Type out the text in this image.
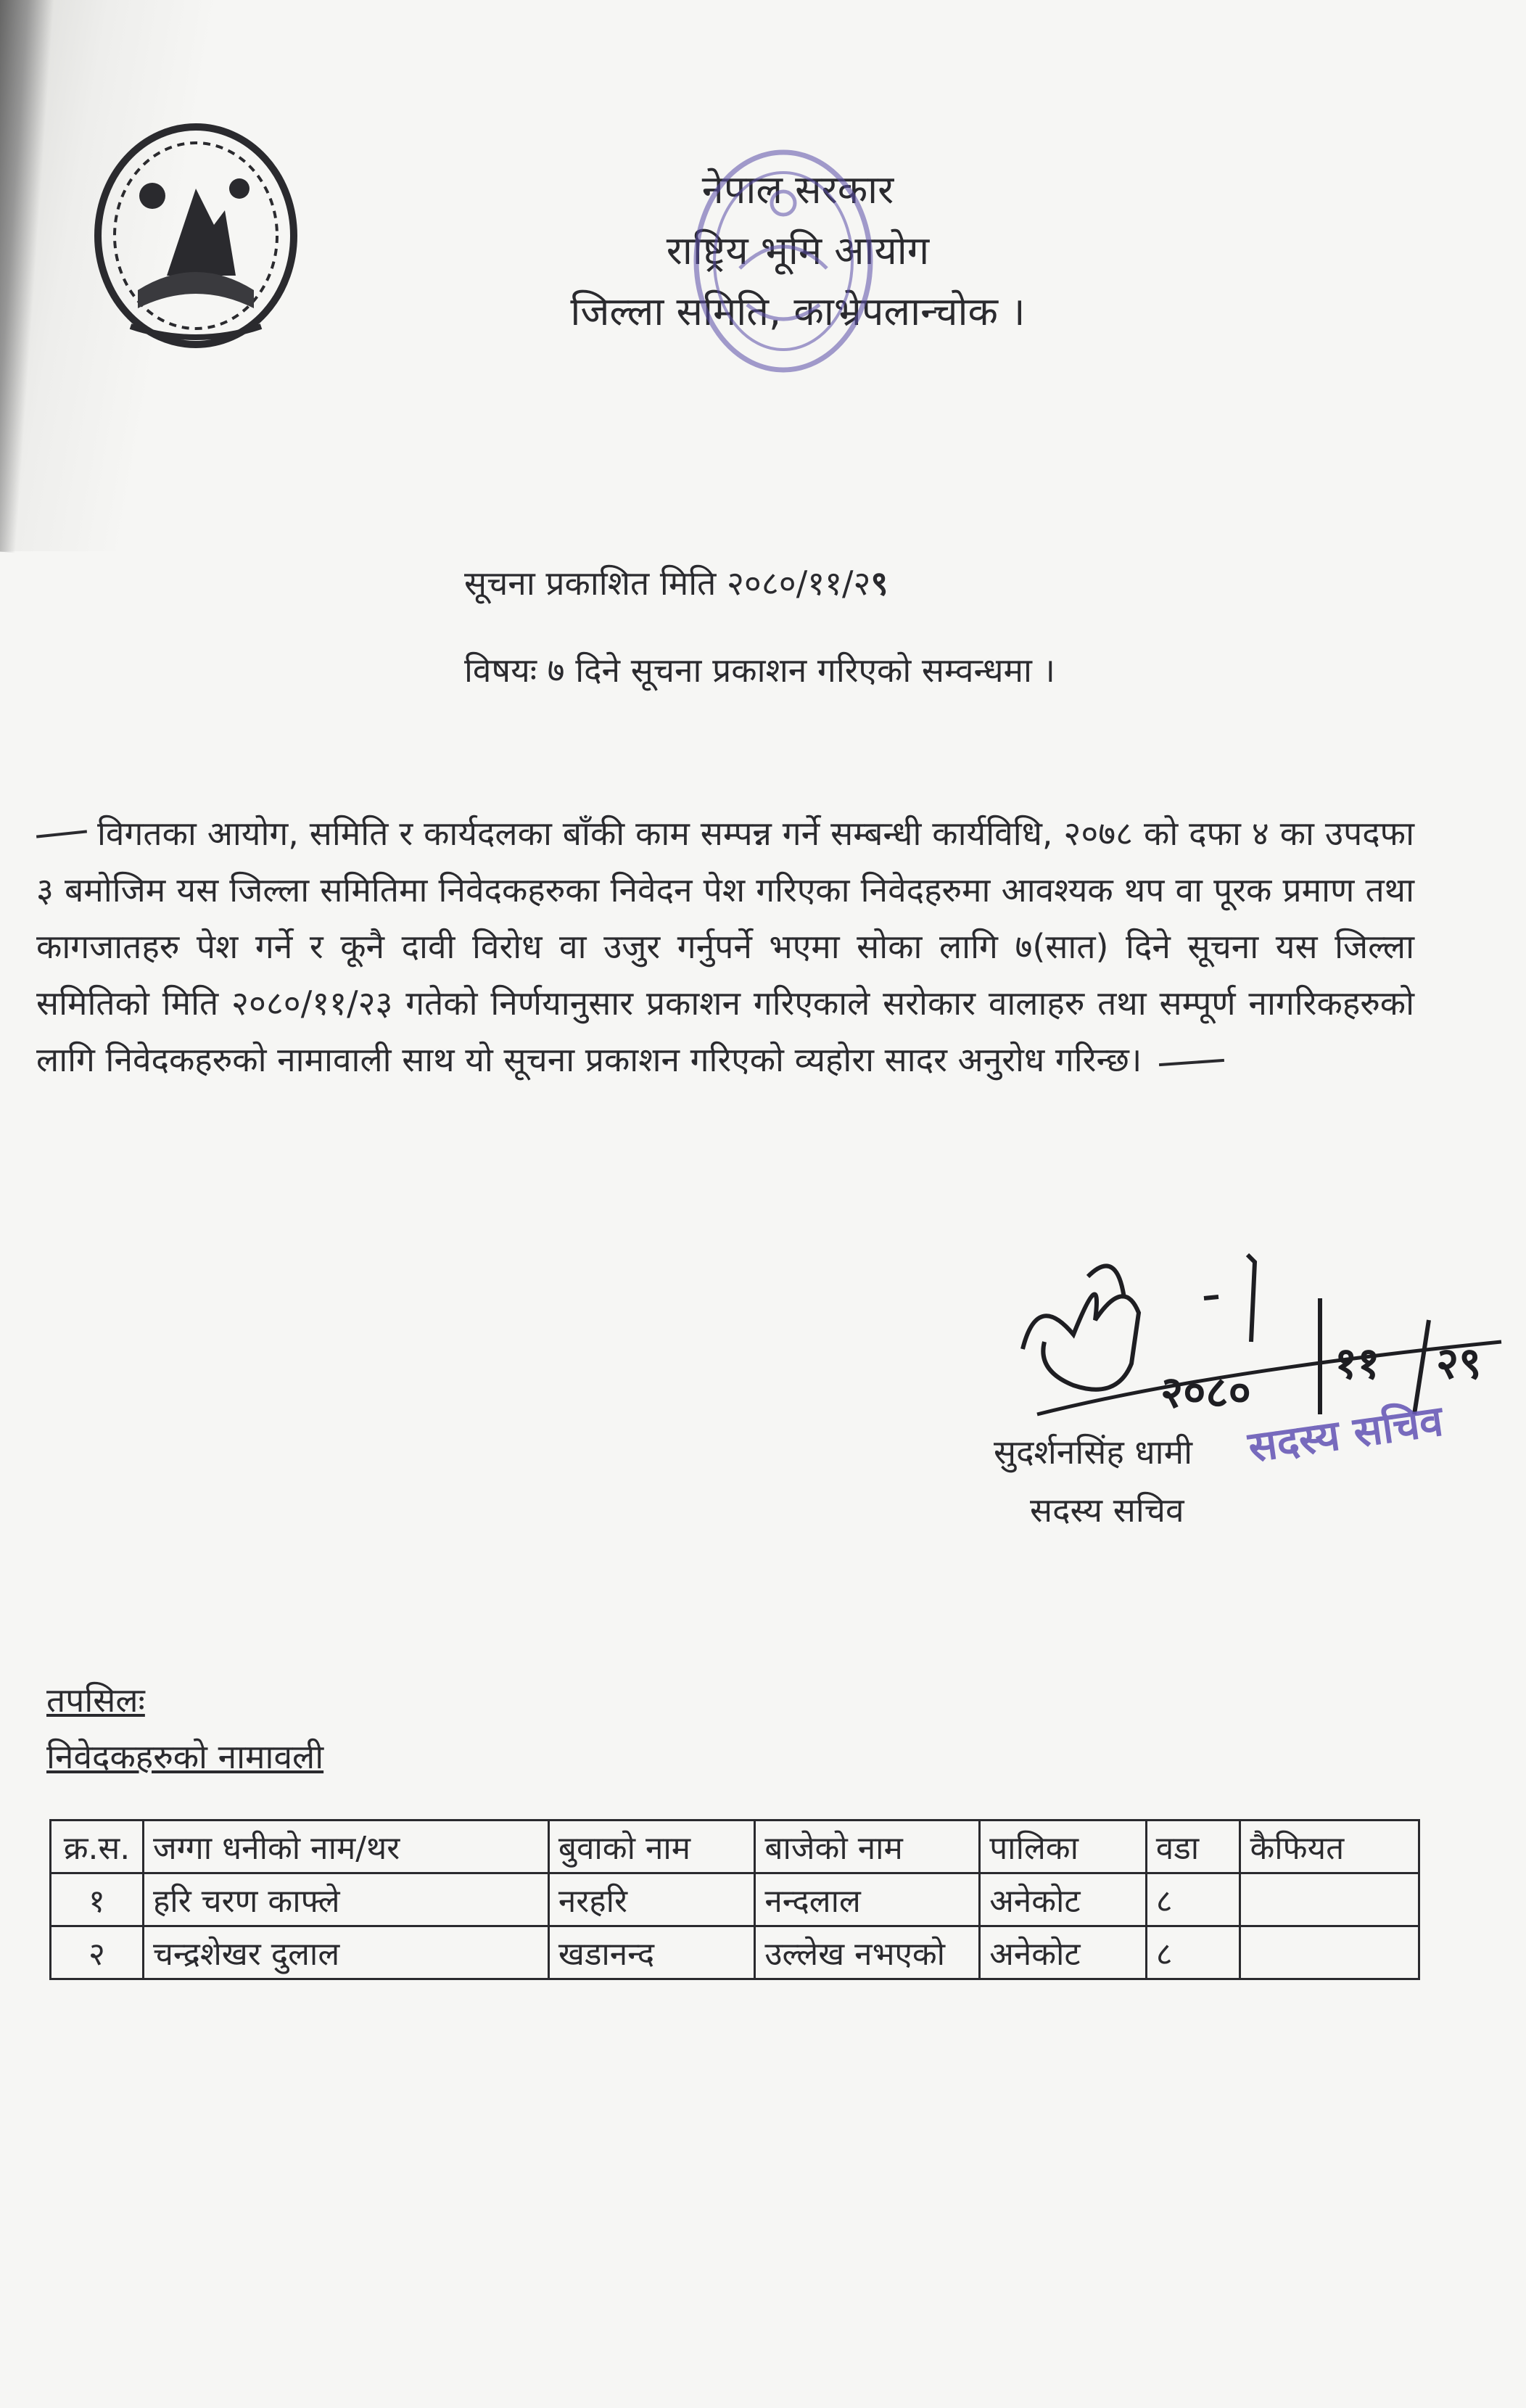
नेपाल सरकार
राष्ट्रिय भूमि आयोग
जिल्ला समिति, काभ्रेपलान्चोक ।
सूचना प्रकाशित मिति २०८०/११/२९
विषयः ७ दिने सूचना प्रकाशन गरिएको सम्वन्धमा ।
विगतका आयोग, समिति र कार्यदलका बाँकी काम सम्पन्न गर्ने सम्बन्धी कार्यविधि, २०७८ को दफा ४ का उपदफा ३ बमोजिम यस जिल्ला समितिमा निवेदकहरुका निवेदन पेश गरिएका निवेदहरुमा आवश्यक थप वा पूरक प्रमाण तथा कागजातहरु पेश गर्ने र कूनै दावी विरोध वा उजुर गर्नुपर्ने भएमा सोका लागि ७(सात) दिने सूचना यस जिल्ला समितिको मिति २०८०/११/२३ गतेको निर्णयानुसार प्रकाशन गरिएकाले सरोकार वालाहरु तथा सम्पूर्ण नागरिकहरुको लागि निवेदकहरुको नामावाली साथ यो सूचना प्रकाशन गरिएको व्यहोरा सादर अनुरोध गरिन्छ।
२०८०
११ २९
सुदर्शनसिंह धामी
सदस्य सचिव
सदस्य सचिव
तपसिलः
निवेदकहरुको नामावली
क्र.स.	जग्गा धनीको नाम/थर	बुवाको नाम	बाजेको नाम	पालिका	वडा	कैफियत
१	हरि चरण काफ्ले	नरहरि	नन्दलाल	अनेकोट	८	
२	चन्द्रशेखर दुलाल	खडानन्द	उल्लेख नभएको	अनेकोट	८	
